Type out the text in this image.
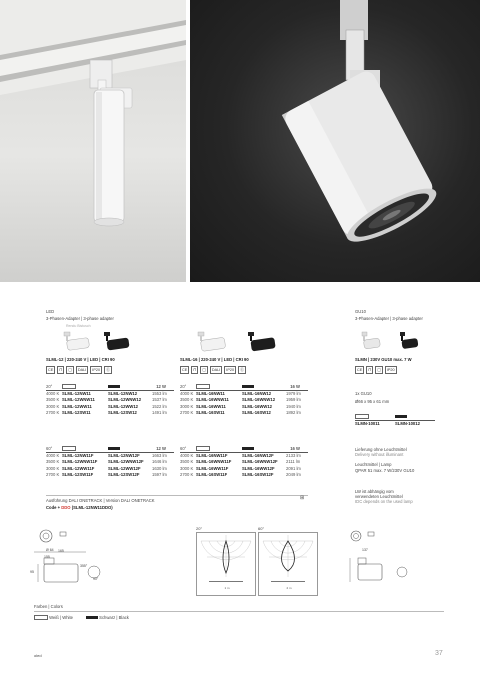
LED
3-Phasen-Adapter | 3-phase adapter
Rendu Bistusch
SLML-12 | 220-240 V | LED | CRI 90
CE ⊓ ▢ DALI IP20 Ⓔ
SLML-16 | 220-240 V | LED | CRI 90
CE ⊓ ▢ DALI IP20 Ⓔ
20°	12 W
4000 K SLML-12NW11	SLML-12NW12	1553 lm
3500 K SLML-12WNW11	SLML-12WNW12	1537 lm
3000 K SLML-12WW11	SLML-12WW12	1522 lm
2700 K SLML-12SW11	SLML-12SW12	1491 lm
20°	16 W
4000 K SLML-16NW11	SLML-16NW12	1979 lm
3500 K SLML-16WNW11	SLML-16WNW12	1959 lm
3000 K SLML-16WW11	SLML-16WW12	1940 lm
2700 K SLML-16SW11	SLML-16SW12	1892 lm
60°	12 W
4000 K SLML-12NW11F	SLML-12NW12F	1663 lm
3500 K SLML-12WNW11F	SLML-12WNW12F	1646 lm
3000 K SLML-12WW11F	SLML-12WW12F	1630 lm
2700 K SLML-12SW11F	SLML-12SW12F	1597 lm
60°	16 W
4000 K SLML-16NW11F	SLML-16NW12F	2133 lm
3500 K SLML-16WNW11F	SLML-16WNW12F	2111 lm
3000 K SLML-16WW11F	SLML-16WW12F	2091 lm
2700 K SLML-16SW11F	SLML-16SW12F	2049 lm
Ausführung DALI ONETRACK | Version DALI ONETRACK
Code + DDO (SLML-12NW11DDO)
⊞
GU10
3-Phasen-Adapter | 3-phase adapter
SLMN | 230V GU10 max. 7 W
CE ⊓ ▢ IP20
1x GU10
Ø66 x 95 x 61 mm
SLMN-10011	SLMN-10012
Lieferung ohne Leuchtmittel
Delivery without illuminant
Leuchtmittel | Lamp
QPAR 51 max. 7 W/230V GU10
LW ist abhängig vom
verwendeten Leuchtmittel
IDC depends on the used lamp
Ø 64 165
155
95
355°
90°
20°
1 m
60°
2 m
137
Farben | Colors
Weiß | White	Schwarz | Black
oled	37
